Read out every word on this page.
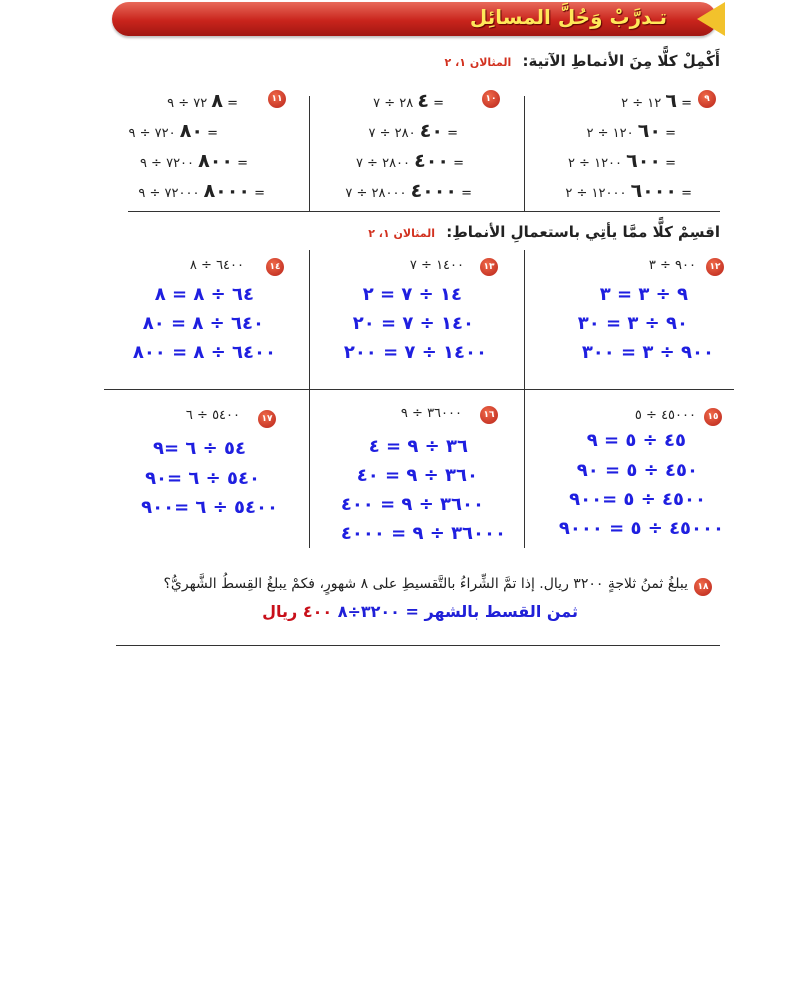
تـدرَّبْ وَحُلَّ المسائِل
أَكْمِلْ كلًّا مِنَ الأنماطِ الآتية: المثالان ١، ٢
٩
٦ ١٢ ÷ ٢ =
٦٠ ١٢٠ ÷ ٢ =
٦٠٠ ١٢٠٠ ÷ ٢ =
٦٠٠٠ ١٢٠٠٠ ÷ ٢ =
١٠
٤ ٢٨ ÷ ٧ =
٤٠ ٢٨٠ ÷ ٧ =
٤٠٠ ٢٨٠٠ ÷ ٧ =
٤٠٠٠ ٢٨٠٠٠ ÷ ٧ =
١١
٨ ٧٢ ÷ ٩ =
٨٠ ٧٢٠ ÷ ٩ =
٨٠٠ ٧٢٠٠ ÷ ٩ =
٨٠٠٠ ٧٢٠٠٠ ÷ ٩ =
اقسِمْ كلًّا ممَّا يأتِي باستعمالِ الأنماطِ: المثالان ١، ٢
١٢
٩٠٠ ÷ ٣
٩ ÷ ٣ = ٣
٩٠ ÷ ٣ = ٣٠
٩٠٠ ÷ ٣ = ٣٠٠
١٣
١٤٠٠ ÷ ٧
١٤ ÷ ٧ = ٢
١٤٠ ÷ ٧ = ٢٠
١٤٠٠ ÷ ٧ = ٢٠٠
١٤
٦٤٠٠ ÷ ٨
٦٤ ÷ ٨ = ٨
٦٤٠ ÷ ٨ = ٨٠
٦٤٠٠ ÷ ٨ = ٨٠٠
١٥
٤٥٠٠٠ ÷ ٥
٤٥ ÷ ٥ = ٩
٤٥٠ ÷ ٥ = ٩٠
٤٥٠٠ ÷ ٥ =٩٠٠
٤٥٠٠٠ ÷ ٥ = ٩٠٠٠
١٦
٣٦٠٠٠ ÷ ٩
٣٦ ÷ ٩ = ٤
٣٦٠ ÷ ٩ = ٤٠
٣٦٠٠ ÷ ٩ = ٤٠٠
٣٦٠٠٠ ÷ ٩ = ٤٠٠٠
١٧
٥٤٠٠ ÷ ٦
٥٤ ÷ ٦ =٩
٥٤٠ ÷ ٦ =٩٠
٥٤٠٠ ÷ ٦ =٩٠٠
١٨
يبلغُ ثمنُ ثلاجةٍ ٣٢٠٠ ريال. إذا تمَّ الشِّراءُ بالتَّقسيطِ على ٨ شهورٍ، فكمْ يبلغُ القِسطُ الشَّهريُّ؟
ثمن القسط بالشهر ٣٢٠٠÷٨ = ٤٠٠ ريال
